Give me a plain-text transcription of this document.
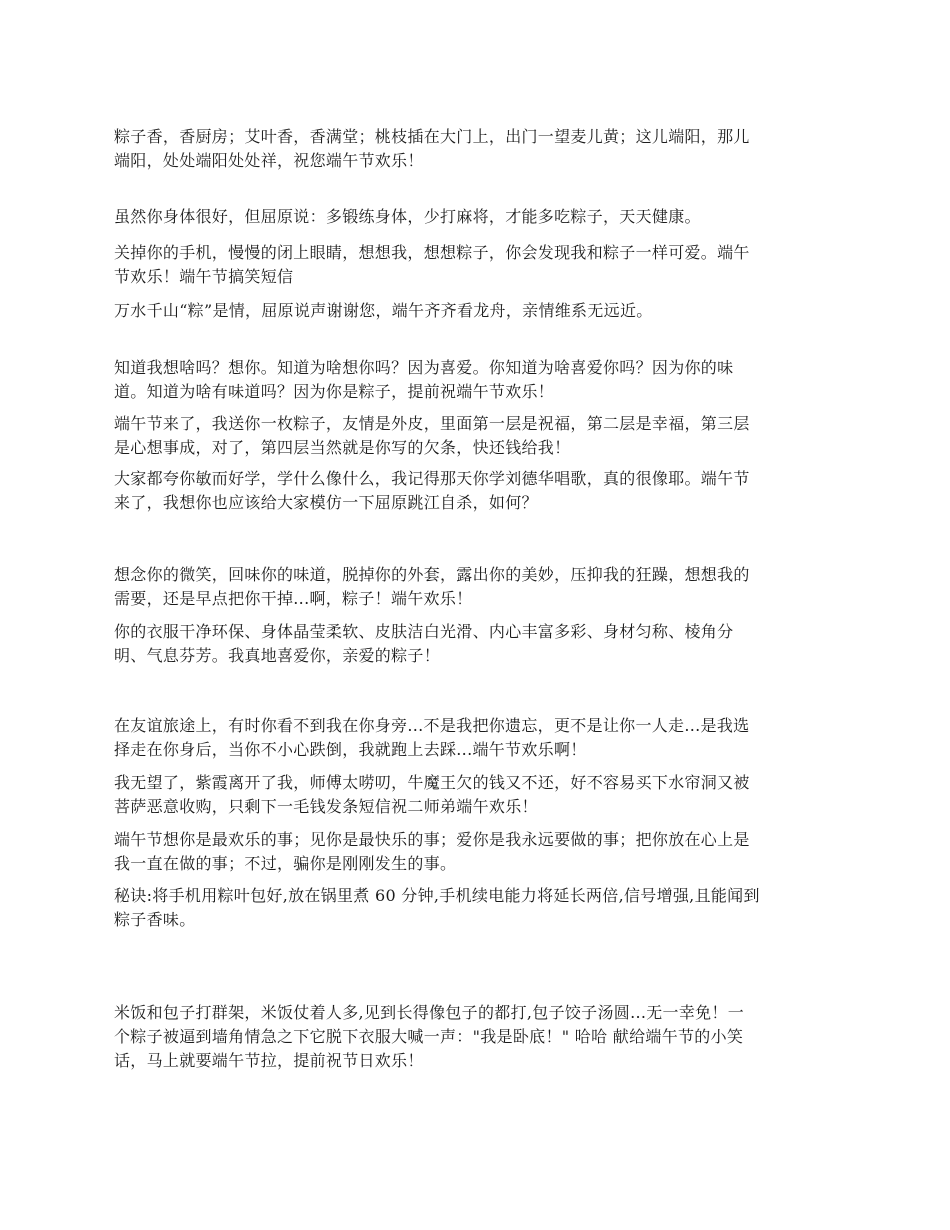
粽子香，香厨房；艾叶香，香满堂；桃枝插在大门上，出门一望麦儿黄；这儿端阳，那儿
端阳，处处端阳处处祥，祝您端午节欢乐！

虽然你身体很好，但屈原说：多锻练身体，少打麻将，才能多吃粽子，天天健康。

关掉你的手机，慢慢的闭上眼睛，想想我，想想粽子，你会发现我和粽子一样可爱。端午
节欢乐！端午节搞笑短信

万水千山“粽”是情，屈原说声谢谢您，端午齐齐看龙舟，亲情维系无远近。

知道我想啥吗？想你。知道为啥想你吗？因为喜爱。你知道为啥喜爱你吗？因为你的味
道。知道为啥有味道吗？因为你是粽子，提前祝端午节欢乐！

端午节来了，我送你一枚粽子，友情是外皮，里面第一层是祝福，第二层是幸福，第三层
是心想事成，对了，第四层当然就是你写的欠条，快还钱给我！

大家都夸你敏而好学，学什么像什么，我记得那天你学刘德华唱歌，真的很像耶。端午节
来了，我想你也应该给大家模仿一下屈原跳江自杀，如何？

想念你的微笑，回味你的味道，脱掉你的外套，露出你的美妙，压抑我的狂躁，想想我的
需要，还是早点把你干掉...啊，粽子！端午欢乐！

你的衣服干净环保、身体晶莹柔软、皮肤洁白光滑、内心丰富多彩、身材匀称、棱角分
明、气息芬芳。我真地喜爱你，亲爱的粽子！

在友谊旅途上，有时你看不到我在你身旁...不是我把你遗忘，更不是让你一人走...是我选
择走在你身后，当你不小心跌倒，我就跑上去踩...端午节欢乐啊！

我无望了，紫霞离开了我，师傅太唠叨，牛魔王欠的钱又不还，好不容易买下水帘洞又被
菩萨恶意收购，只剩下一毛钱发条短信祝二师弟端午欢乐！

端午节想你是最欢乐的事；见你是最快乐的事；爱你是我永远要做的事；把你放在心上是
我一直在做的事；不过，骗你是刚刚发生的事。

秘诀:将手机用粽叶包好,放在锅里煮 60 分钟,手机续电能力将延长两倍,信号增强,且能闻到
粽子香味。

米饭和包子打群架，米饭仗着人多,见到长得像包子的都打,包子饺子汤圆...无一幸免！一
个粽子被逼到墙角情急之下它脱下衣服大喊一声："我是卧底！" 哈哈 献给端午节的小笑
话，马上就要端午节拉，提前祝节日欢乐！
